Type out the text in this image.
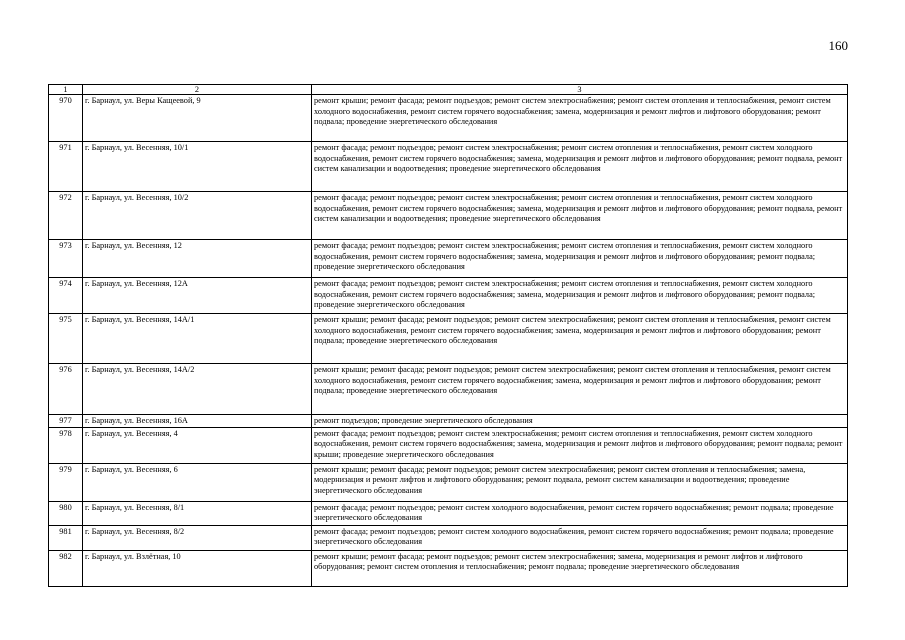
160
1	2	3
970	г. Барнаул, ул. Веры Кащеевой, 9	ремонт крыши; ремонт фасада; ремонт подъездов; ремонт систем электроснабжения; ремонт систем отопления и теплоснабжения, ремонт систем холодного водоснабжения, ремонт систем горячего водоснабжения; замена, модернизация и ремонт лифтов и лифтового оборудования; ремонт подвала; проведение энергетического обследования
971	г. Барнаул, ул. Весенняя, 10/1	ремонт фасада; ремонт подъездов; ремонт систем электроснабжения; ремонт систем отопления и теплоснабжения, ремонт систем холодного водоснабжения, ремонт систем горячего водоснабжения; замена, модернизация и ремонт лифтов и лифтового оборудования; ремонт подвала, ремонт систем канализации и водоотведения; проведение энергетического обследования
972	г. Барнаул, ул. Весенняя, 10/2	ремонт фасада; ремонт подъездов; ремонт систем электроснабжения; ремонт систем отопления и теплоснабжения, ремонт систем холодного водоснабжения, ремонт систем горячего водоснабжения; замена, модернизация и ремонт лифтов и лифтового оборудования; ремонт подвала, ремонт систем канализации и водоотведения; проведение энергетического обследования
973	г. Барнаул, ул. Весенняя, 12	ремонт фасада; ремонт подъездов; ремонт систем электроснабжения; ремонт систем отопления и теплоснабжения, ремонт систем холодного водоснабжения, ремонт систем горячего водоснабжения; замена, модернизация и ремонт лифтов и лифтового оборудования; ремонт подвала; проведение энергетического обследования
974	г. Барнаул, ул. Весенняя, 12А	ремонт фасада; ремонт подъездов; ремонт систем электроснабжения; ремонт систем отопления и теплоснабжения, ремонт систем холодного водоснабжения, ремонт систем горячего водоснабжения; замена, модернизация и ремонт лифтов и лифтового оборудования; ремонт подвала; проведение энергетического обследования
975	г. Барнаул, ул. Весенняя, 14А/1	ремонт крыши; ремонт фасада; ремонт подъездов; ремонт систем электроснабжения; ремонт систем отопления и теплоснабжения, ремонт систем холодного водоснабжения, ремонт систем горячего водоснабжения; замена, модернизация и ремонт лифтов и лифтового оборудования; ремонт подвала; проведение энергетического обследования
976	г. Барнаул, ул. Весенняя, 14А/2	ремонт крыши; ремонт фасада; ремонт подъездов; ремонт систем электроснабжения; ремонт систем отопления и теплоснабжения, ремонт систем холодного водоснабжения, ремонт систем горячего водоснабжения; замена, модернизация и ремонт лифтов и лифтового оборудования; ремонт подвала; проведение энергетического обследования
977	г. Барнаул, ул. Весенняя, 16А	ремонт подъездов; проведение энергетического обследования
978	г. Барнаул, ул. Весенняя, 4	ремонт фасада; ремонт подъездов; ремонт систем электроснабжения; ремонт систем отопления и теплоснабжения, ремонт систем холодного водоснабжения, ремонт систем горячего водоснабжения; замена, модернизация и ремонт лифтов и лифтового оборудования; ремонт подвала; ремонт крыши; проведение энергетического обследования
979	г. Барнаул, ул. Весенняя, 6	ремонт крыши; ремонт фасада; ремонт подъездов; ремонт систем электроснабжения; ремонт систем отопления и теплоснабжения; замена, модернизация и ремонт лифтов и лифтового оборудования; ремонт подвала, ремонт систем канализации и водоотведения; проведение энергетического обследования
980	г. Барнаул, ул. Весенняя, 8/1	ремонт фасада; ремонт подъездов; ремонт систем холодного водоснабжения, ремонт систем горячего водоснабжения; ремонт подвала; проведение энергетического обследования
981	г. Барнаул, ул. Весенняя, 8/2	ремонт фасада; ремонт подъездов; ремонт систем холодного водоснабжения, ремонт систем горячего водоснабжения; ремонт подвала; проведение энергетического обследования
982	г. Барнаул, ул. Взлётная, 10	ремонт крыши; ремонт фасада; ремонт подъездов; ремонт систем электроснабжения; замена, модернизация и ремонт лифтов и лифтового оборудования; ремонт систем отопления и теплоснабжения; ремонт подвала; проведение энергетического обследования
